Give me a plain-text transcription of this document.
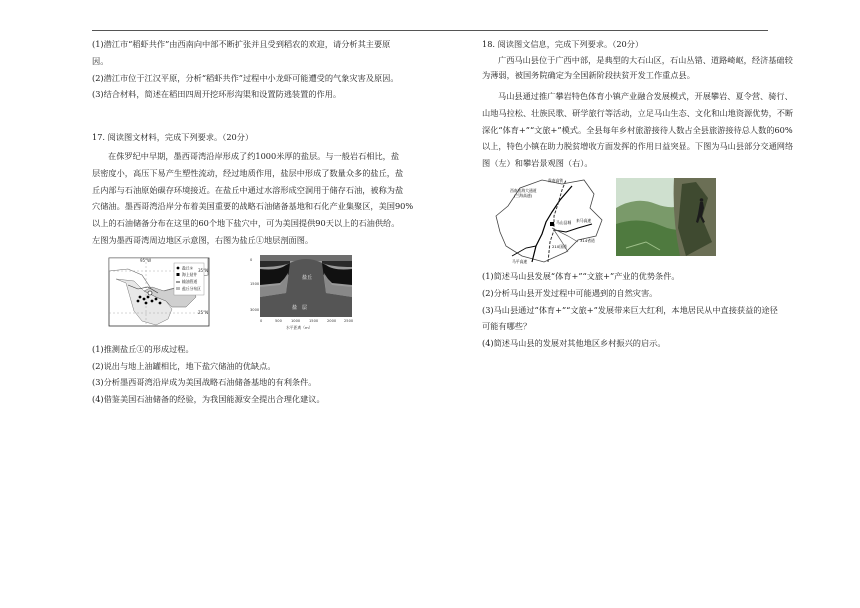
(1)潜江市“稻虾共作”由西南向中部不断扩张并且受到稻农的欢迎，请分析其主要原
因。
(2)潜江市位于江汉平原，分析“稻虾共作”过程中小龙虾可能遭受的气象灾害及原因。
(3)结合材料，简述在稻田四周开挖环形沟渠和设置防逃装置的作用。
17. 阅读图文材料，完成下列要求。（20分）
在侏罗纪中早期，墨西哥湾沿岸形成了约1000米厚的盐层。与一般岩石相比，盐
层密度小，高压下易产生塑性流动，经过地质作用，盐层中形成了数量众多的盐丘，盐
丘内部与石油原始碳存环境接近。在盐丘中通过水溶形成空洞用于储存石油，被称为盐
穴储油。墨西哥湾沿岸分布着美国重要的战略石油储备基地和石化产业集聚区，美国90%
以上的石油储备分布在这里的60个地下盐穴中，可为美国提供90天以上的石油供给。
左图为墨西哥湾周边地区示意图，右图为盐丘①地层剖面图。
盐丘①
海上钻井
输油管道
盐丘分布区
95°W
35°N
25°N
盐丘
盐　层
0
1500
3000
0	500	1000 1500 2000 2500
水平距离（m）
(1)推测盐丘①的形成过程。
(2)说出与地上油罐相比，地下盐穴储油的优缺点。
(3)分析墨西哥湾沿岸成为美国战略石油储备基地的有利条件。
(4)借鉴美国石油储备的经验，为我国能源安全提出合理化建议。
18. 阅读图文信息，完成下列要求。（20分）
广西马山县位于广西中部，是典型的大石山区，石山丛错、道路崎岖，经济基础较
为薄弱，被国务院确定为全国新阶段扶贫开发工作重点县。
马山县通过推广攀岩特色体育小镇产业融合发展模式，开展攀岩、夏令营、骑行、
山地马拉松、壮族民歌、研学旅行等活动，立足马山生态、文化和山地资源优势，不断
深化“体育+”“文旅+”模式。全县每年乡村旅游接待人数占全县旅游接待总人数的60%
以上，特色小镇在助力脱贫增收方面发挥的作用日益突显。下图为马山县部分交通网络
图（左）和攀岩景观图（右）。
贵南高铁
西南出海大通道
(兰海高速)
马山县城 来马高速
210国道
314省道
马平高速
(1)简述马山县发展“体育+”“文旅+”产业的优势条件。
(2)分析马山县开发过程中可能遇到的自然灾害。
(3)马山县通过“体育+”“文旅+”发展带来巨大红利，本地居民从中直接获益的途径
可能有哪些？
(4)简述马山县的发展对其他地区乡村振兴的启示。
